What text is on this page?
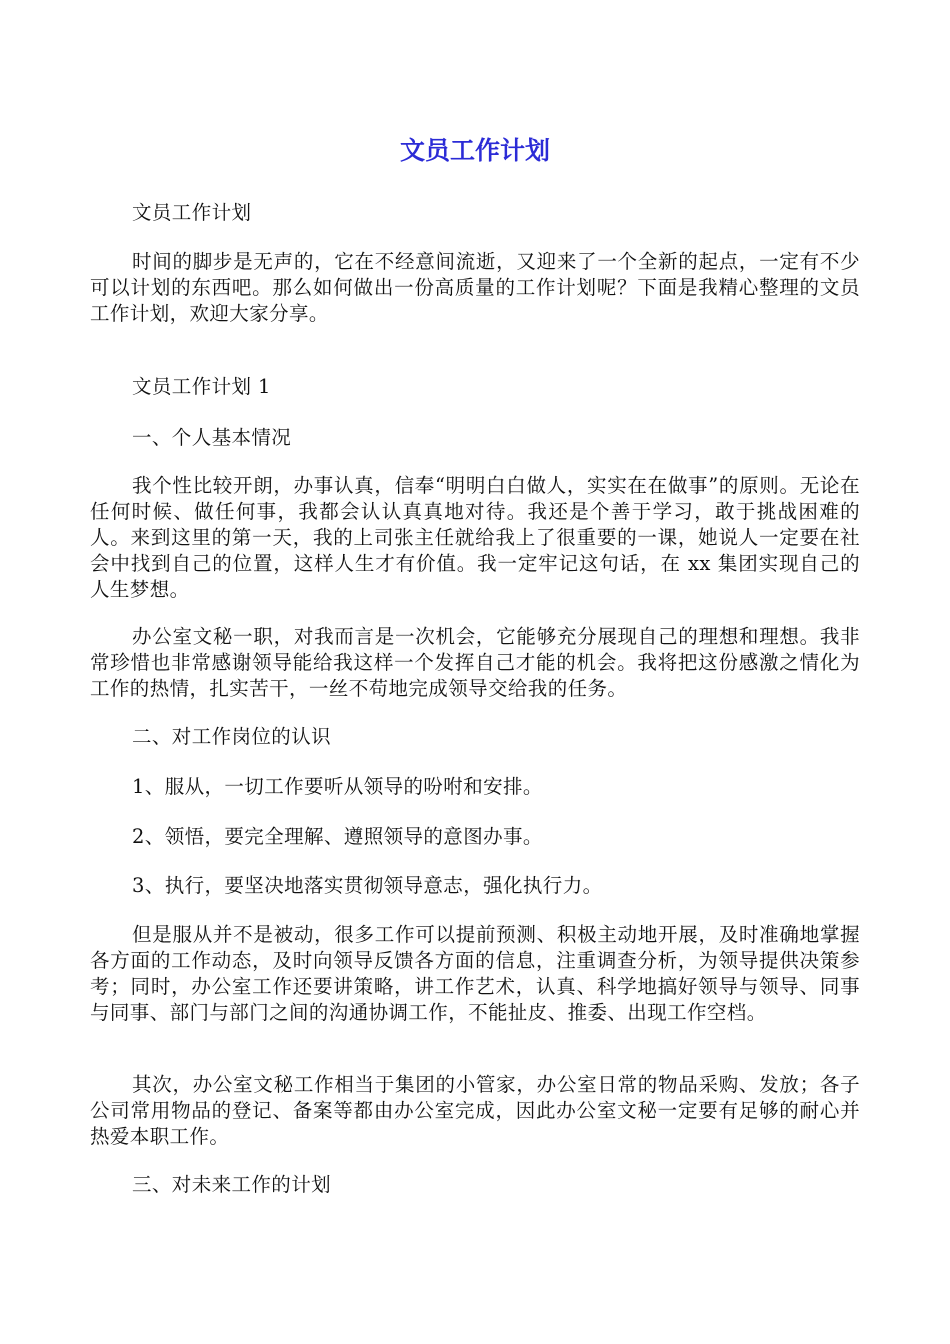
文员工作计划

文员工作计划

时间的脚步是无声的，它在不经意间流逝，又迎来了一个全新的起点，一定有不少可以计划的东西吧。那么如何做出一份高质量的工作计划呢？下面是我精心整理的文员工作计划，欢迎大家分享。

文员工作计划 1

一、个人基本情况

我个性比较开朗，办事认真，信奉“明明白白做人，实实在在做事”的原则。无论在任何时候、做任何事，我都会认认真真地对待。我还是个善于学习，敢于挑战困难的人。来到这里的第一天，我的上司张主任就给我上了很重要的一课，她说人一定要在社会中找到自己的位置，这样人生才有价值。我一定牢记这句话，在 xx 集团实现自己的人生梦想。

办公室文秘一职，对我而言是一次机会，它能够充分展现自己的理想和理想。我非常珍惜也非常感谢领导能给我这样一个发挥自己才能的机会。我将把这份感激之情化为工作的热情，扎实苦干，一丝不苟地完成领导交给我的任务。

二、对工作岗位的认识

1、服从，一切工作要听从领导的吩咐和安排。

2、领悟，要完全理解、遵照领导的意图办事。

3、执行，要坚决地落实贯彻领导意志，强化执行力。

但是服从并不是被动，很多工作可以提前预测、积极主动地开展，及时准确地掌握各方面的工作动态，及时向领导反馈各方面的信息，注重调查分析，为领导提供决策参考；同时，办公室工作还要讲策略，讲工作艺术，认真、科学地搞好领导与领导、同事与同事、部门与部门之间的沟通协调工作，不能扯皮、推委、出现工作空档。

其次，办公室文秘工作相当于集团的小管家，办公室日常的物品采购、发放；各子公司常用物品的登记、备案等都由办公室完成，因此办公室文秘一定要有足够的耐心并热爱本职工作。

三、对未来工作的计划
